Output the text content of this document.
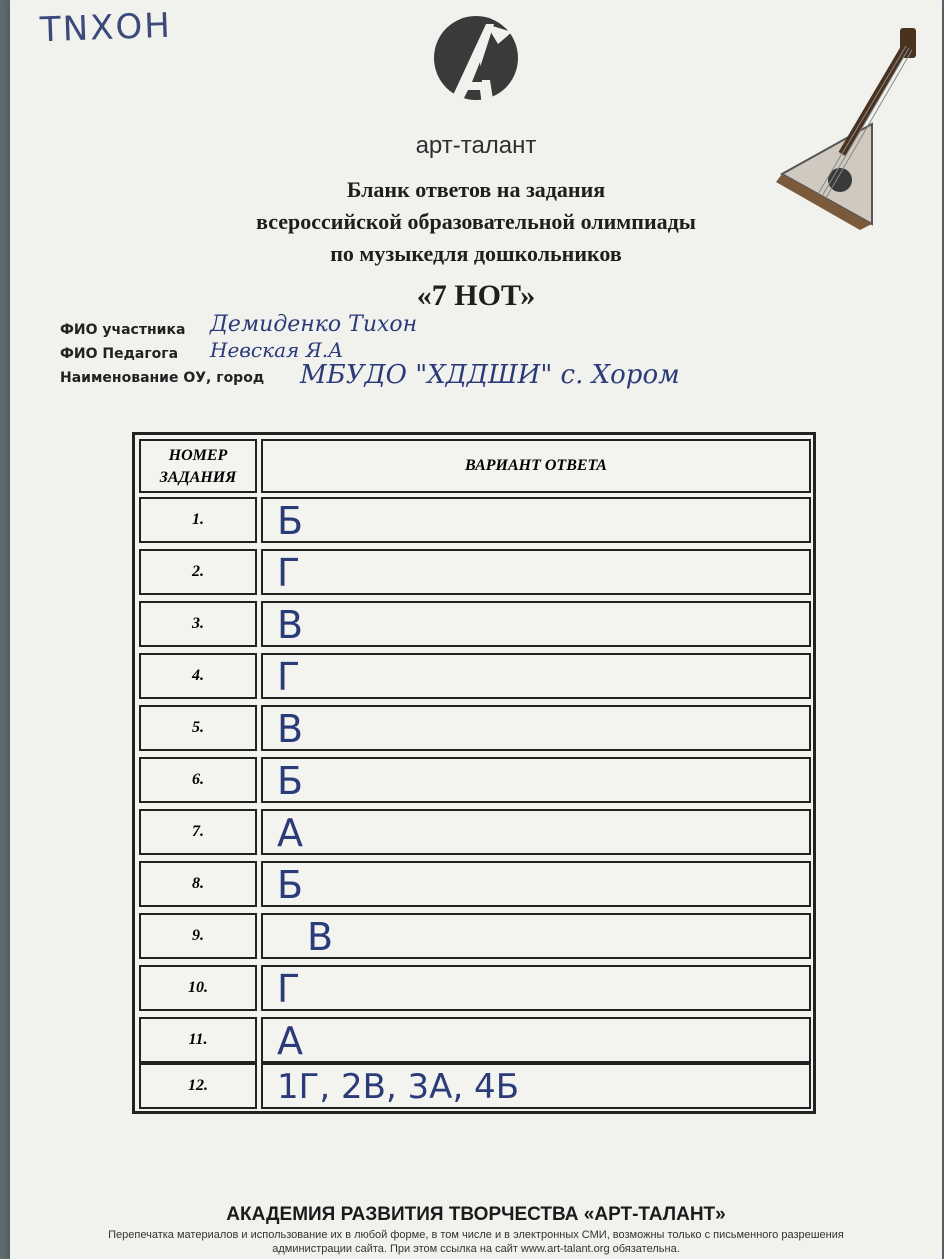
ТNХОН
арт-талант
Бланк ответов на задания
всероссийской образовательной олимпиады
по музыкедля дошкольников
«7 НОТ»
ФИО участника Демиденко Тихон
ФИО Педагога Невская Я.А
Наименование ОУ, город МБУДО "ХДДШИ" с. Хором
НОМЕР
ЗАДАНИЯ
ВАРИАНТ ОТВЕТА
1.	Б
2.	Г
3.	В
4.	Г
5.	В
6.	Б
7.	А
8.	Б
9.	В
10.	Г
11.	А
12.	1Г, 2В, 3А, 4Б
АКАДЕМИЯ РАЗВИТИЯ ТВОРЧЕСТВА «АРТ-ТАЛАНТ»
Перепечатка материалов и использование их в любой форме, в том числе и в электронных СМИ, возможны только с письменного разрешения администрации сайта. При этом ссылка на сайт www.art-talant.org обязательна.
